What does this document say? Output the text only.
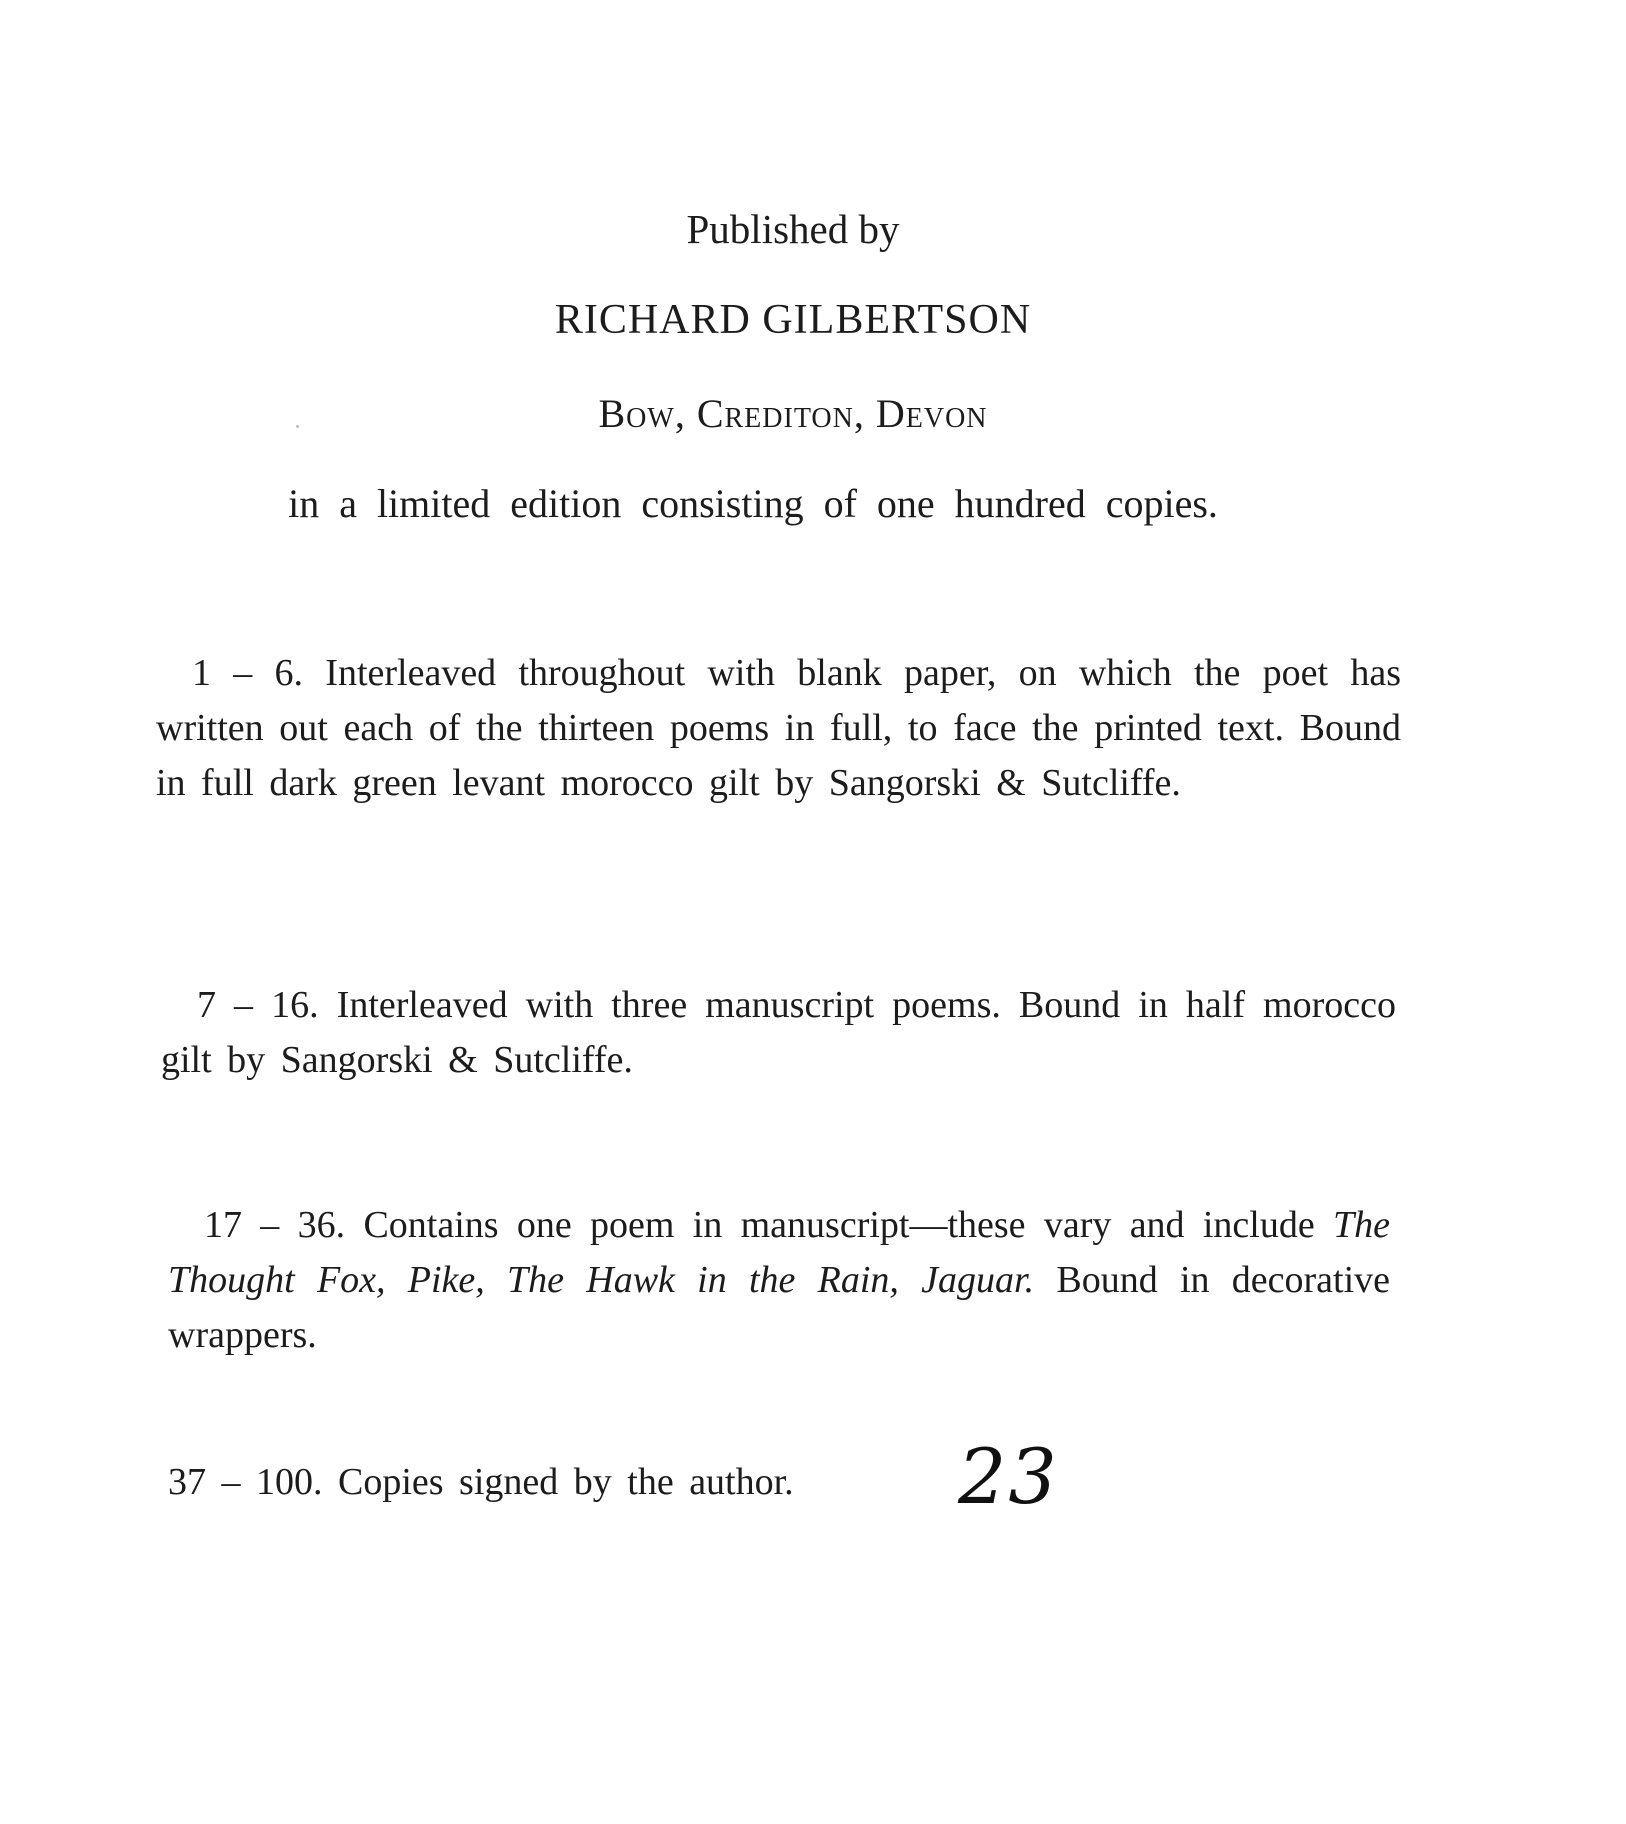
Published by
RICHARD GILBERTSON
Bow, Crediton, Devon
in a limited edition consisting of one hundred copies.
1 – 6. Interleaved throughout with blank paper, on which the poet has written out each of the thirteen poems in full, to face the printed text. Bound in full dark green levant morocco gilt by Sangorski & Sutcliffe.
7 – 16. Interleaved with three manuscript poems. Bound in half morocco gilt by Sangorski & Sutcliffe.
17 – 36. Contains one poem in manuscript—these vary and include The Thought Fox, Pike, The Hawk in the Rain, Jaguar. Bound in decorative wrappers.
37 – 100. Copies signed by the author.	23
